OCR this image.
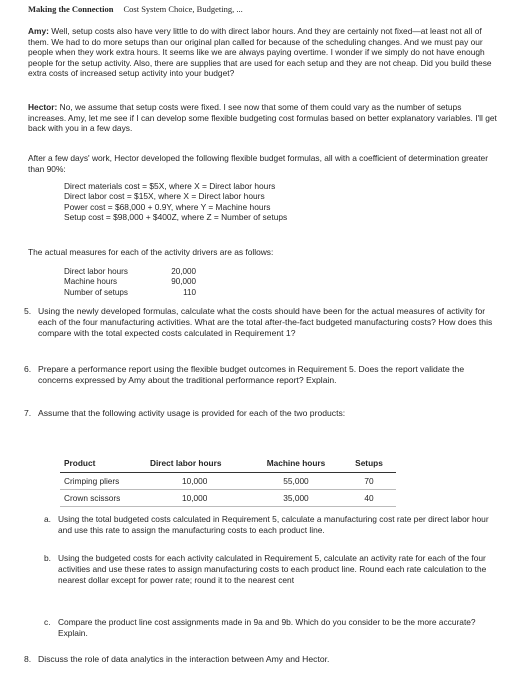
Making the Connection Cost System Choice, Budgeting, ...

Amy: Well, setup costs also have very little to do with direct labor hours. And they are certainly not fixed—at least not all of them. We had to do more setups than our original plan called for because of the scheduling changes. And we must pay our people when they work extra hours. It seems like we are always paying overtime. I wonder if we simply do not have enough people for the setup activity. Also, there are supplies that are used for each setup and they are not cheap. Did you build these extra costs of increased setup activity into your budget?

Hector: No, we assume that setup costs were fixed. I see now that some of them could vary as the number of setups increases. Amy, let me see if I can develop some flexible budgeting cost formulas based on better explanatory variables. I'll get back with you in a few days.

After a few days' work, Hector developed the following flexible budget formulas, all with a coefficient of determination greater than 90%:

Direct materials cost = $5X, where X = Direct labor hours
Direct labor cost = $15X, where X = Direct labor hours
Power cost = $68,000 + 0.9Y, where Y = Machine hours
Setup cost = $98,000 + $400Z, where Z = Number of setups

The actual measures for each of the activity drivers are as follows:

Direct labor hours	20,000
Machine hours	90,000
Number of setups	110
5. Using the newly developed formulas, calculate what the costs should have been for the actual measures of activity for each of the four manufacturing activities. What are the total after-the-fact budgeted manufacturing costs? How does this compare with the total expected costs calculated in Requirement 1?
6. Prepare a performance report using the flexible budget outcomes in Requirement 5. Does the report validate the concerns expressed by Amy about the traditional performance report? Explain.
7. Assume that the following activity usage is provided for each of the two products:
Product	Direct labor hours	Machine hours	Setups
Crimping pliers	10,000	55,000	70
Crown scissors	10,000	35,000	40
a. Using the total budgeted costs calculated in Requirement 5, calculate a manufacturing cost rate per direct labor hour and use this rate to assign the manufacturing costs to each product line.
b. Using the budgeted costs for each activity calculated in Requirement 5, calculate an activity rate for each of the four activities and use these rates to assign manufacturing costs to each product line. Round each rate calculation to the nearest dollar except for power rate; round it to the nearest cent
c. Compare the product line cost assignments made in 9a and 9b. Which do you consider to be the more accurate? Explain.
8. Discuss the role of data analytics in the interaction between Amy and Hector.
